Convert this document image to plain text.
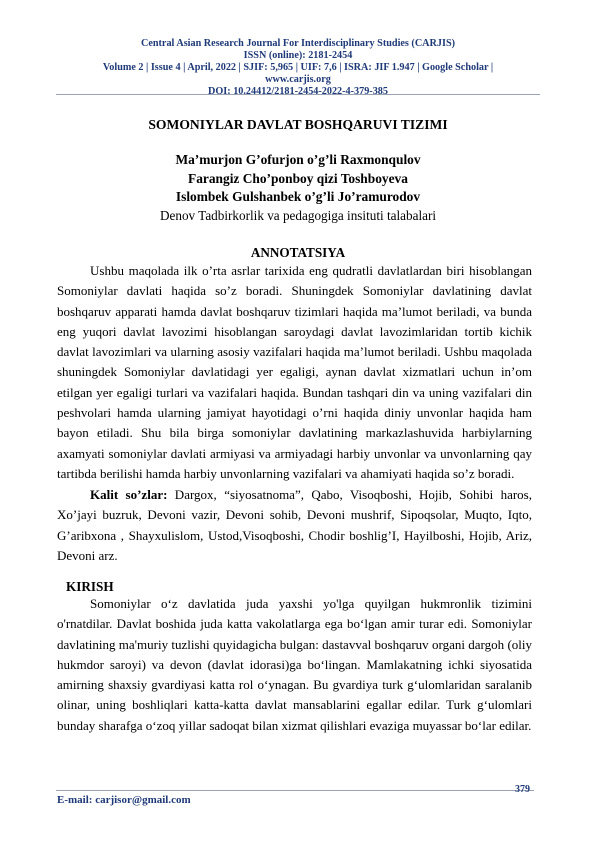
Central Asian Research Journal For Interdisciplinary Studies (CARJIS)
ISSN (online): 2181-2454
Volume 2 | Issue 4 | April, 2022 | SJIF: 5,965 | UIF: 7,6 | ISRA: JIF 1.947 | Google Scholar |
www.carjis.org
DOI: 10.24412/2181-2454-2022-4-379-385
SOMONIYLAR DAVLAT BOSHQARUVI TIZIMI
Ma’murjon G’ofurjon o’g’li Raxmonqulov
Farangiz Cho’ponboy qizi Toshboyeva
Islombek Gulshanbek o’g’li Jo’ramurodov
Denov Tadbirkorlik va pedagogiga insituti talabalari
ANNOTATSIYA

Ushbu maqolada ilk o’rta asrlar tarixida eng qudratli davlatlardan biri hisoblangan Somoniylar davlati haqida so’z boradi. Shuningdek Somoniylar davlatining davlat boshqaruv apparati hamda davlat boshqaruv tizimlari haqida ma’lumot beriladi, va bunda eng yuqori davlat lavozimi hisoblangan saroydagi davlat lavozimlaridan tortib kichik davlat lavozimlari va ularning asosiy vazifalari haqida ma’lumot beriladi. Ushbu maqolada shuningdek Somoniylar davlatidagi yer egaligi, aynan davlat xizmatlari uchun in’om etilgan yer egaligi turlari va vazifalari haqida. Bundan tashqari din va uning vazifalari din peshvolari hamda ularning jamiyat hayotidagi o’rni haqida diniy unvonlar haqida ham bayon etiladi. Shu bila birga somoniylar davlatining markazlashuvida harbiylarning axamyati somoniylar davlati armiyasi va armiyadagi harbiy unvonlar va unvonlarning qay tartibda berilishi hamda harbiy unvonlarning vazifalari va ahamiyati haqida so’z boradi.

Kalit so’zlar: Dargox, “siyosatnoma”, Qabo, Visoqboshi, Hojib, Sohibi haros, Xo’jayi buzruk, Devoni vazir, Devoni sohib, Devoni mushrif, Sipoqsolar, Muqto, Iqto, G’aribxona , Shayxulislom, Ustod,Visoqboshi, Chodir boshlig’I, Hayilboshi, Hojib, Ariz, Devoni arz.

KIRISH

Somoniylar o‘z davlatida juda yaxshi yo'lga quyilgan hukmronlik tizimini o'rnatdilar. Davlat boshida juda katta vakolatlarga ega bo‘lgan amir turar edi. Somoniylar davlatining ma'muriy tuzlishi quyidagicha bulgan: dastavval boshqaruv organi dargoh (oliy hukmdor saroyi) va devon (davlat idorasi)ga bo‘lingan. Mamlakatning ichki siyosatida amirning shaxsiy gvardiyasi katta rol o‘ynagan. Bu gvardiya turk g‘ulomlaridan saralanib olinar, uning boshliqlari katta-katta davlat mansablarini egallar edilar. Turk g‘ulomlari bunday sharafga o‘zoq yillar sadoqat bilan xizmat qilishlari evaziga muyassar bo‘lar edilar.

379
E-mail: carjisor@gmail.com
